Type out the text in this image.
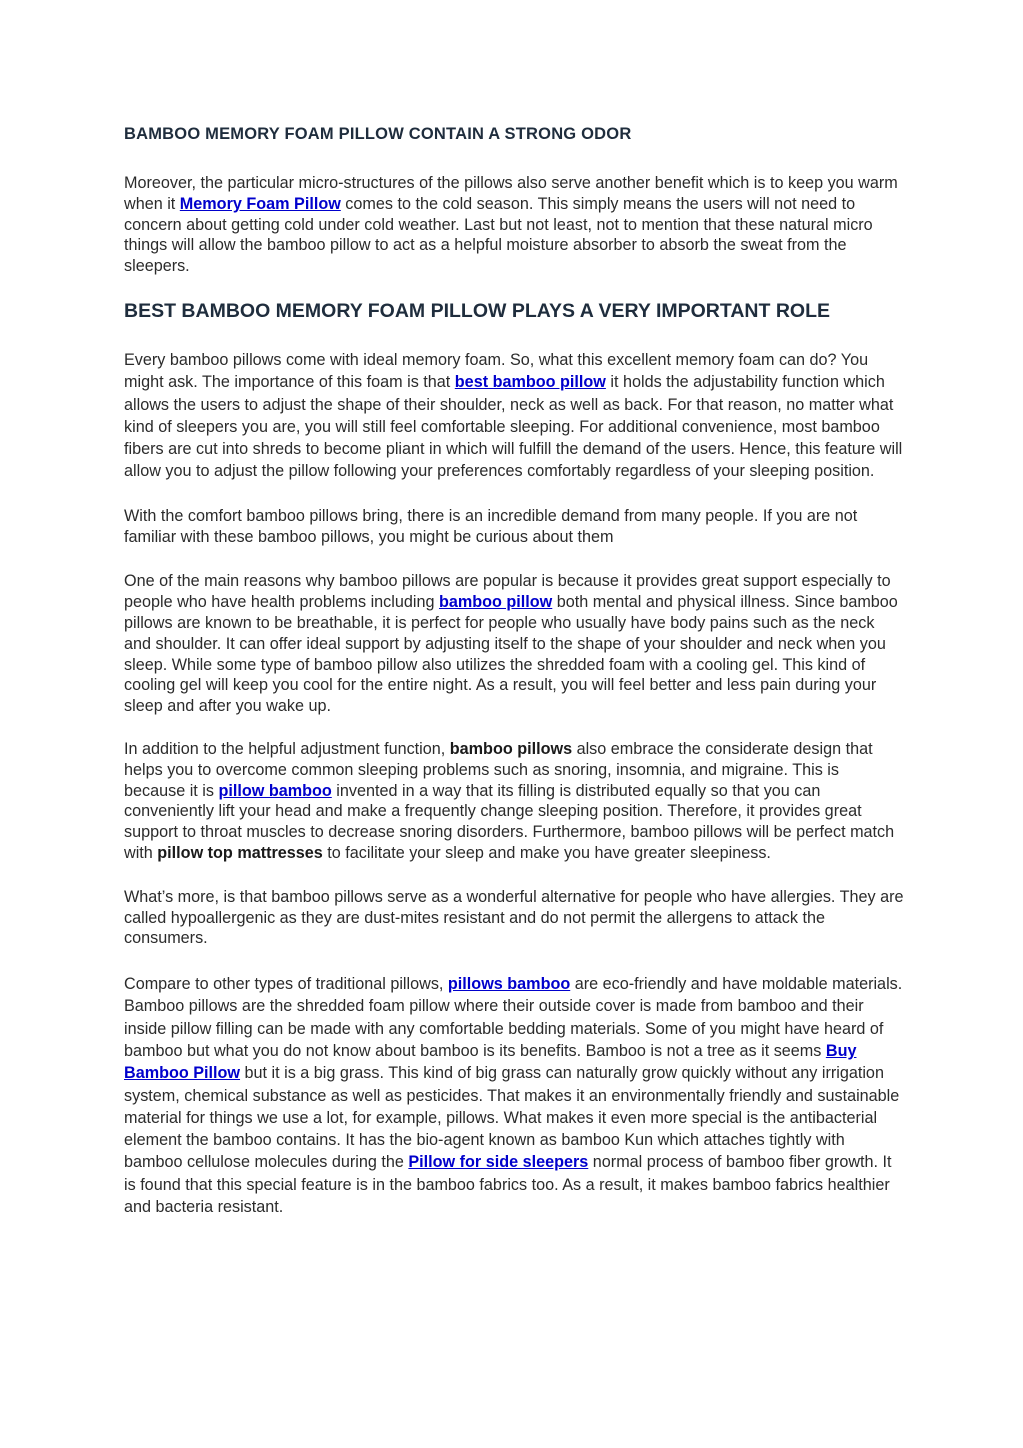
BAMBOO MEMORY FOAM PILLOW CONTAIN A STRONG ODOR

Moreover, the particular micro-structures of the pillows also serve another benefit which is to keep you warm when it Memory Foam Pillow comes to the cold season. This simply means the users will not need to concern about getting cold under cold weather. Last but not least, not to mention that these natural micro things will allow the bamboo pillow to act as a helpful moisture absorber to absorb the sweat from the sleepers.

BEST BAMBOO MEMORY FOAM PILLOW PLAYS A VERY IMPORTANT ROLE

Every bamboo pillows come with ideal memory foam. So, what this excellent memory foam can do? You might ask. The importance of this foam is that best bamboo pillow it holds the adjustability function which allows the users to adjust the shape of their shoulder, neck as well as back. For that reason, no matter what kind of sleepers you are, you will still feel comfortable sleeping. For additional convenience, most bamboo fibers are cut into shreds to become pliant in which will fulfill the demand of the users. Hence, this feature will allow you to adjust the pillow following your preferences comfortably regardless of your sleeping position.

With the comfort bamboo pillows bring, there is an incredible demand from many people. If you are not familiar with these bamboo pillows, you might be curious about them

One of the main reasons why bamboo pillows are popular is because it provides great support especially to people who have health problems including bamboo pillow both mental and physical illness. Since bamboo pillows are known to be breathable, it is perfect for people who usually have body pains such as the neck and shoulder. It can offer ideal support by adjusting itself to the shape of your shoulder and neck when you sleep. While some type of bamboo pillow also utilizes the shredded foam with a cooling gel. This kind of cooling gel will keep you cool for the entire night. As a result, you will feel better and less pain during your sleep and after you wake up.

In addition to the helpful adjustment function, bamboo pillows also embrace the considerate design that helps you to overcome common sleeping problems such as snoring, insomnia, and migraine. This is because it is pillow bamboo invented in a way that its filling is distributed equally so that you can conveniently lift your head and make a frequently change sleeping position. Therefore, it provides great support to throat muscles to decrease snoring disorders. Furthermore, bamboo pillows will be perfect match with pillow top mattresses to facilitate your sleep and make you have greater sleepiness.

What’s more, is that bamboo pillows serve as a wonderful alternative for people who have allergies. They are called hypoallergenic as they are dust-mites resistant and do not permit the allergens to attack the consumers.

Compare to other types of traditional pillows, pillows bamboo are eco-friendly and have moldable materials. Bamboo pillows are the shredded foam pillow where their outside cover is made from bamboo and their inside pillow filling can be made with any comfortable bedding materials. Some of you might have heard of bamboo but what you do not know about bamboo is its benefits. Bamboo is not a tree as it seems Buy Bamboo Pillow but it is a big grass. This kind of big grass can naturally grow quickly without any irrigation system, chemical substance as well as pesticides. That makes it an environmentally friendly and sustainable material for things we use a lot, for example, pillows. What makes it even more special is the antibacterial element the bamboo contains. It has the bio-agent known as bamboo Kun which attaches tightly with bamboo cellulose molecules during the Pillow for side sleepers normal process of bamboo fiber growth. It is found that this special feature is in the bamboo fabrics too. As a result, it makes bamboo fabrics healthier and bacteria resistant.
